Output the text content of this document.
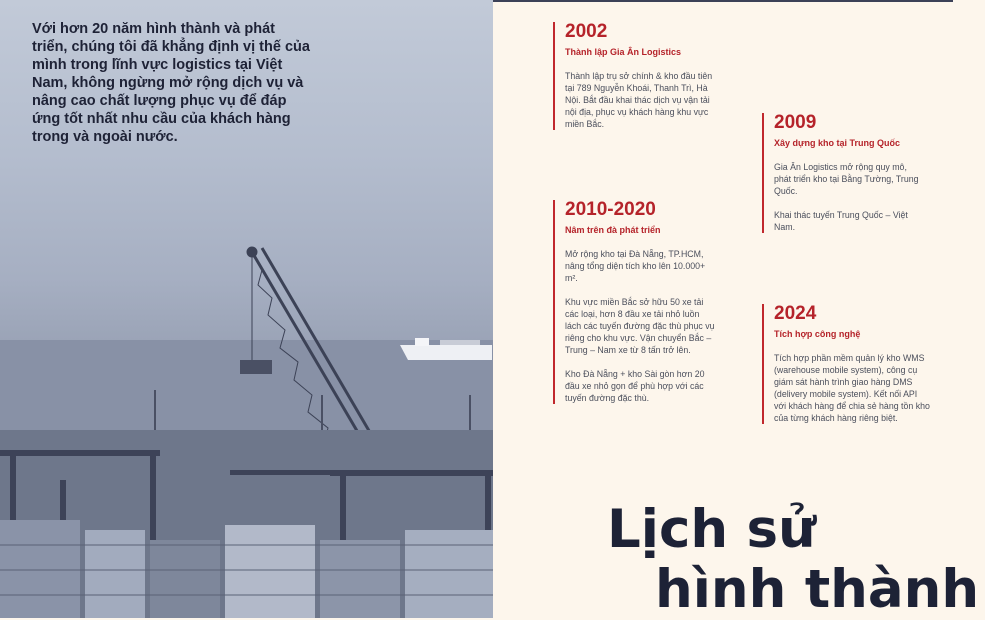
Với hơn 20 năm hình thành và phát triển, chúng tôi đã khẳng định vị thế của mình trong lĩnh vực logistics tại Việt Nam, không ngừng mở rộng dịch vụ và nâng cao chất lượng phục vụ để đáp ứng tốt nhất nhu cầu của khách hàng trong và ngoài nước.

2002
Thành lập Gia Ân Logistics

Thành lập trụ sở chính & kho đầu tiên tại 789 Nguyễn Khoái, Thanh Trì, Hà Nội. Bắt đầu khai thác dịch vụ vận tải nội địa, phục vụ khách hàng khu vực miền Bắc.	2009
Xây dựng kho tại Trung Quốc

Gia Ân Logistics mở rộng quy mô, phát triển kho tại Bằng Tường, Trung Quốc.

Khai thác tuyến Trung Quốc – Việt Nam.

2010-2020
Nâm trên đà phát triển

Mở rộng kho tại Đà Nẵng, TP.HCM, nâng tổng diện tích kho lên 10.000+ m².

Khu vực miền Bắc sở hữu 50 xe tải các loại, hơn 8 đầu xe tải nhỏ luồn lách các tuyến đường đặc thù phục vụ riêng cho khu vực. Vận chuyển Bắc – Trung – Nam xe từ 8 tấn trở lên.

Kho Đà Nẵng + kho Sài gòn hơn 20 đầu xe nhỏ gọn để phù hợp với các tuyến đường đặc thù.

2024
Tích hợp công nghệ

Tích hợp phần mềm quản lý kho WMS (warehouse mobile system), công cụ giám sát hành trình giao hàng DMS (delivery mobile system). Kết nối API với khách hàng để chia sẻ hàng tồn kho của từng khách hàng riêng biệt.

Lịch sử
hình thành
